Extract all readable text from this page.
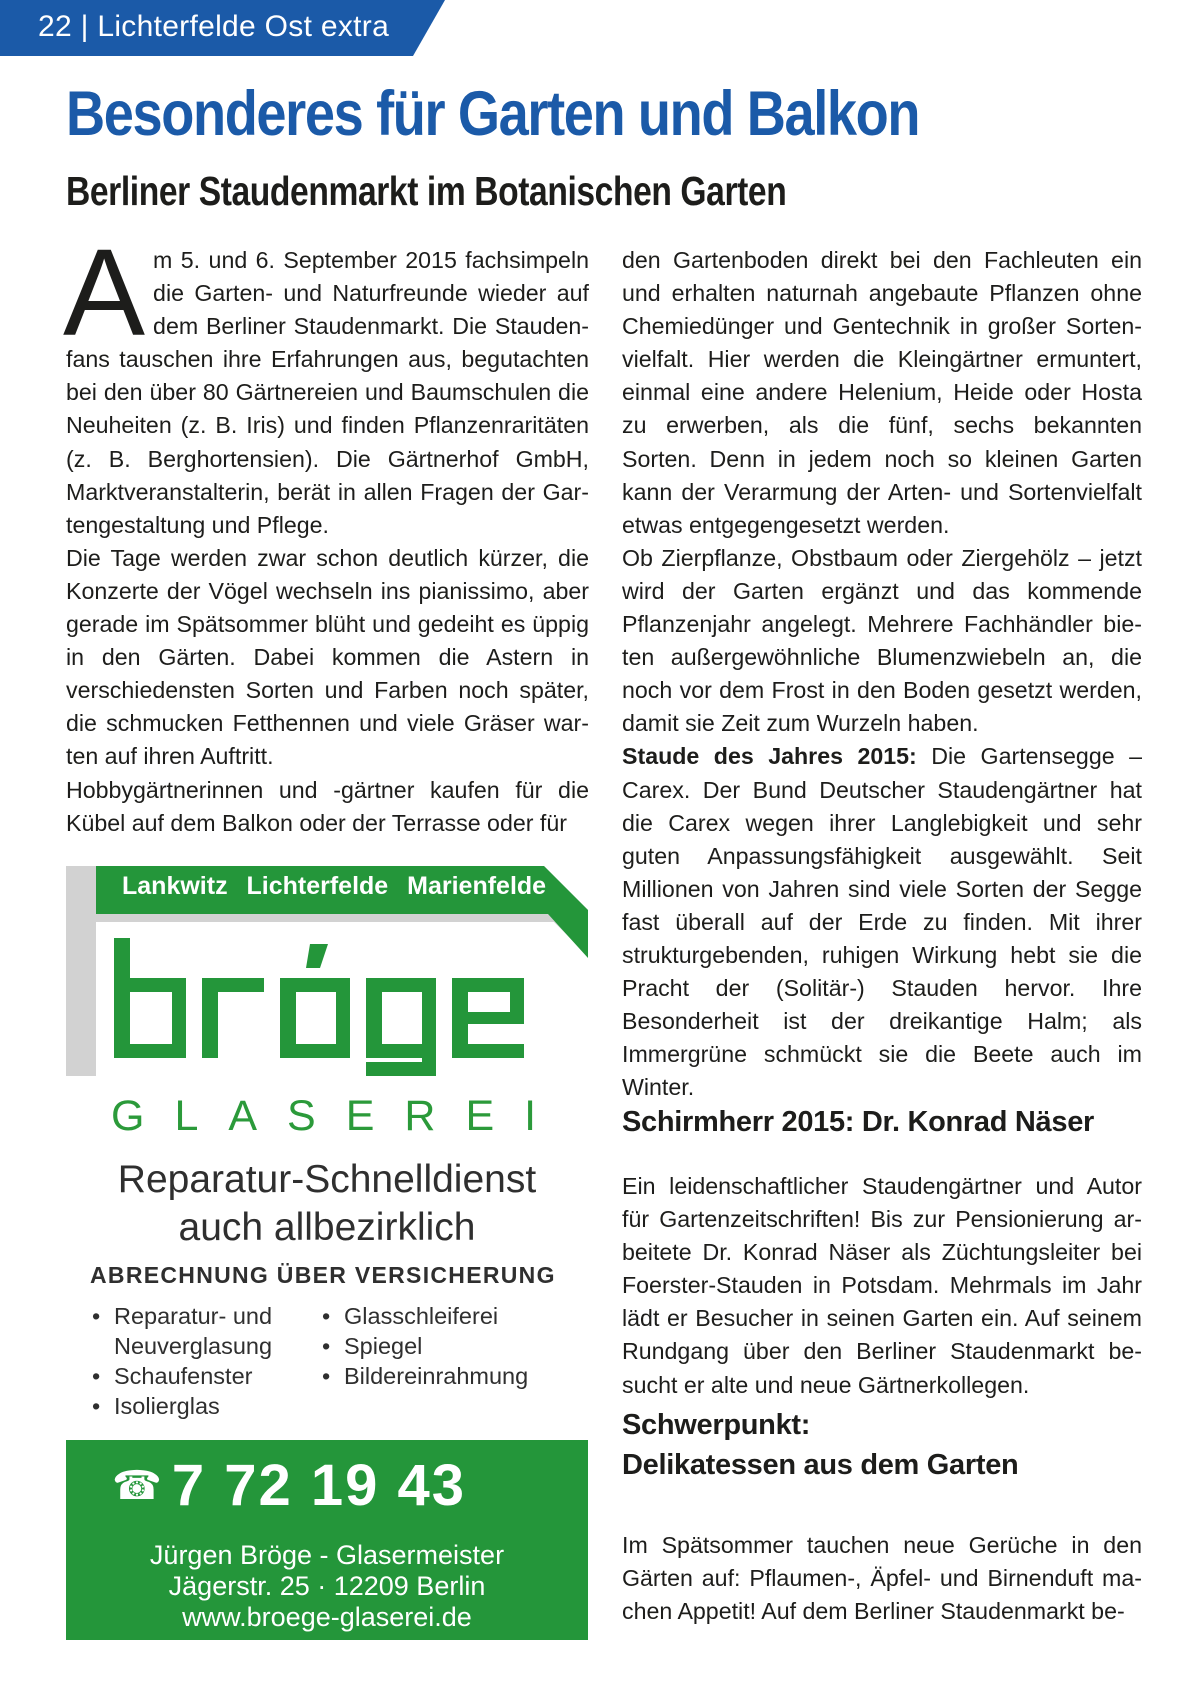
22 | Lichterfelde Ost extra
Besonderes für Garten und Balkon
Berliner Staudenmarkt im Botanischen Garten

Am 5. und 6. September 2015 fachsimpeln die Garten- und Naturfreunde wieder auf dem Berliner Staudenmarkt. Die Staudenfans tauschen ihre Erfahrungen aus, begutachten bei den über 80 Gärtnereien und Baumschulen die Neuheiten (z. B. Iris) und finden Pflanzenraritäten (z. B. Berghortensien). Die Gärtnerhof GmbH, Marktveranstalterin, berät in allen Fragen der Gartengestaltung und Pflege.

Die Tage werden zwar schon deutlich kürzer, die Konzerte der Vögel wechseln ins pianissimo, aber gerade im Spätsommer blüht und gedeiht es üppig in den Gärten. Dabei kommen die Astern in verschiedensten Sorten und Farben noch später, die schmucken Fetthennen und viele Gräser warten auf ihren Auftritt.

Hobbygärtnerinnen und -gärtner kaufen für die Kübel auf dem Balkon oder der Terrasse oder für

den Gartenboden direkt bei den Fachleuten ein und erhalten naturnah angebaute Pflanzen ohne Chemiedünger und Gentechnik in großer Sortenvielfalt. Hier werden die Kleingärtner ermuntert, einmal eine andere Helenium, Heide oder Hosta zu erwerben, als die fünf, sechs bekannten Sorten. Denn in jedem noch so kleinen Garten kann der Verarmung der Arten- und Sortenvielfalt etwas entgegengesetzt werden.

Ob Zierpflanze, Obstbaum oder Ziergehölz – jetzt wird der Garten ergänzt und das kommende Pflanzenjahr angelegt. Mehrere Fachhändler bieten außergewöhnliche Blumenzwiebeln an, die noch vor dem Frost in den Boden gesetzt werden, damit sie Zeit zum Wurzeln haben.

Staude des Jahres 2015: Die Gartensegge – Carex. Der Bund Deutscher Staudengärtner hat die Carex wegen ihrer Langlebigkeit und sehr guten Anpassungsfähigkeit ausgewählt. Seit Millionen von Jahren sind viele Sorten der Segge fast überall auf der Erde zu finden. Mit ihrer strukturgebenden, ruhigen Wirkung hebt sie die Pracht der (Solitär-) Stauden hervor. Ihre Besonderheit ist der dreikantige Halm; als Immergrüne schmückt sie die Beete auch im Winter.

Schirmherr 2015: Dr. Konrad Näser

Ein leidenschaftlicher Staudengärtner und Autor für Gartenzeitschriften! Bis zur Pensionierung arbeitete Dr. Konrad Näser als Züchtungsleiter bei Foerster-Stauden in Potsdam. Mehrmals im Jahr lädt er Besucher in seinen Garten ein. Auf seinem Rundgang über den Berliner Staudenmarkt besucht er alte und neue Gärtnerkollegen.

Schwerpunkt:
Delikatessen aus dem Garten

Im Spätsommer tauchen neue Gerüche in den Gärten auf: Pflaumen-, Äpfel- und Birnenduft machen Appetit! Auf dem Berliner Staudenmarkt be-

Lankwitz Lichterfelde Marienfelde
GLASEREI
Reparatur-Schnelldienst
auch allbezirklich
ABRECHNUNG ÜBER VERSICHERUNG
• Reparatur- und
Neuverglasung
• Schaufenster
• Isolierglas
• Glasschleiferei
• Spiegel
• Bildereinrahmung
☎ 7 72 19 43
Jürgen Bröge - Glasermeister
Jägerstr. 25 · 12209 Berlin
www.broege-glaserei.de
